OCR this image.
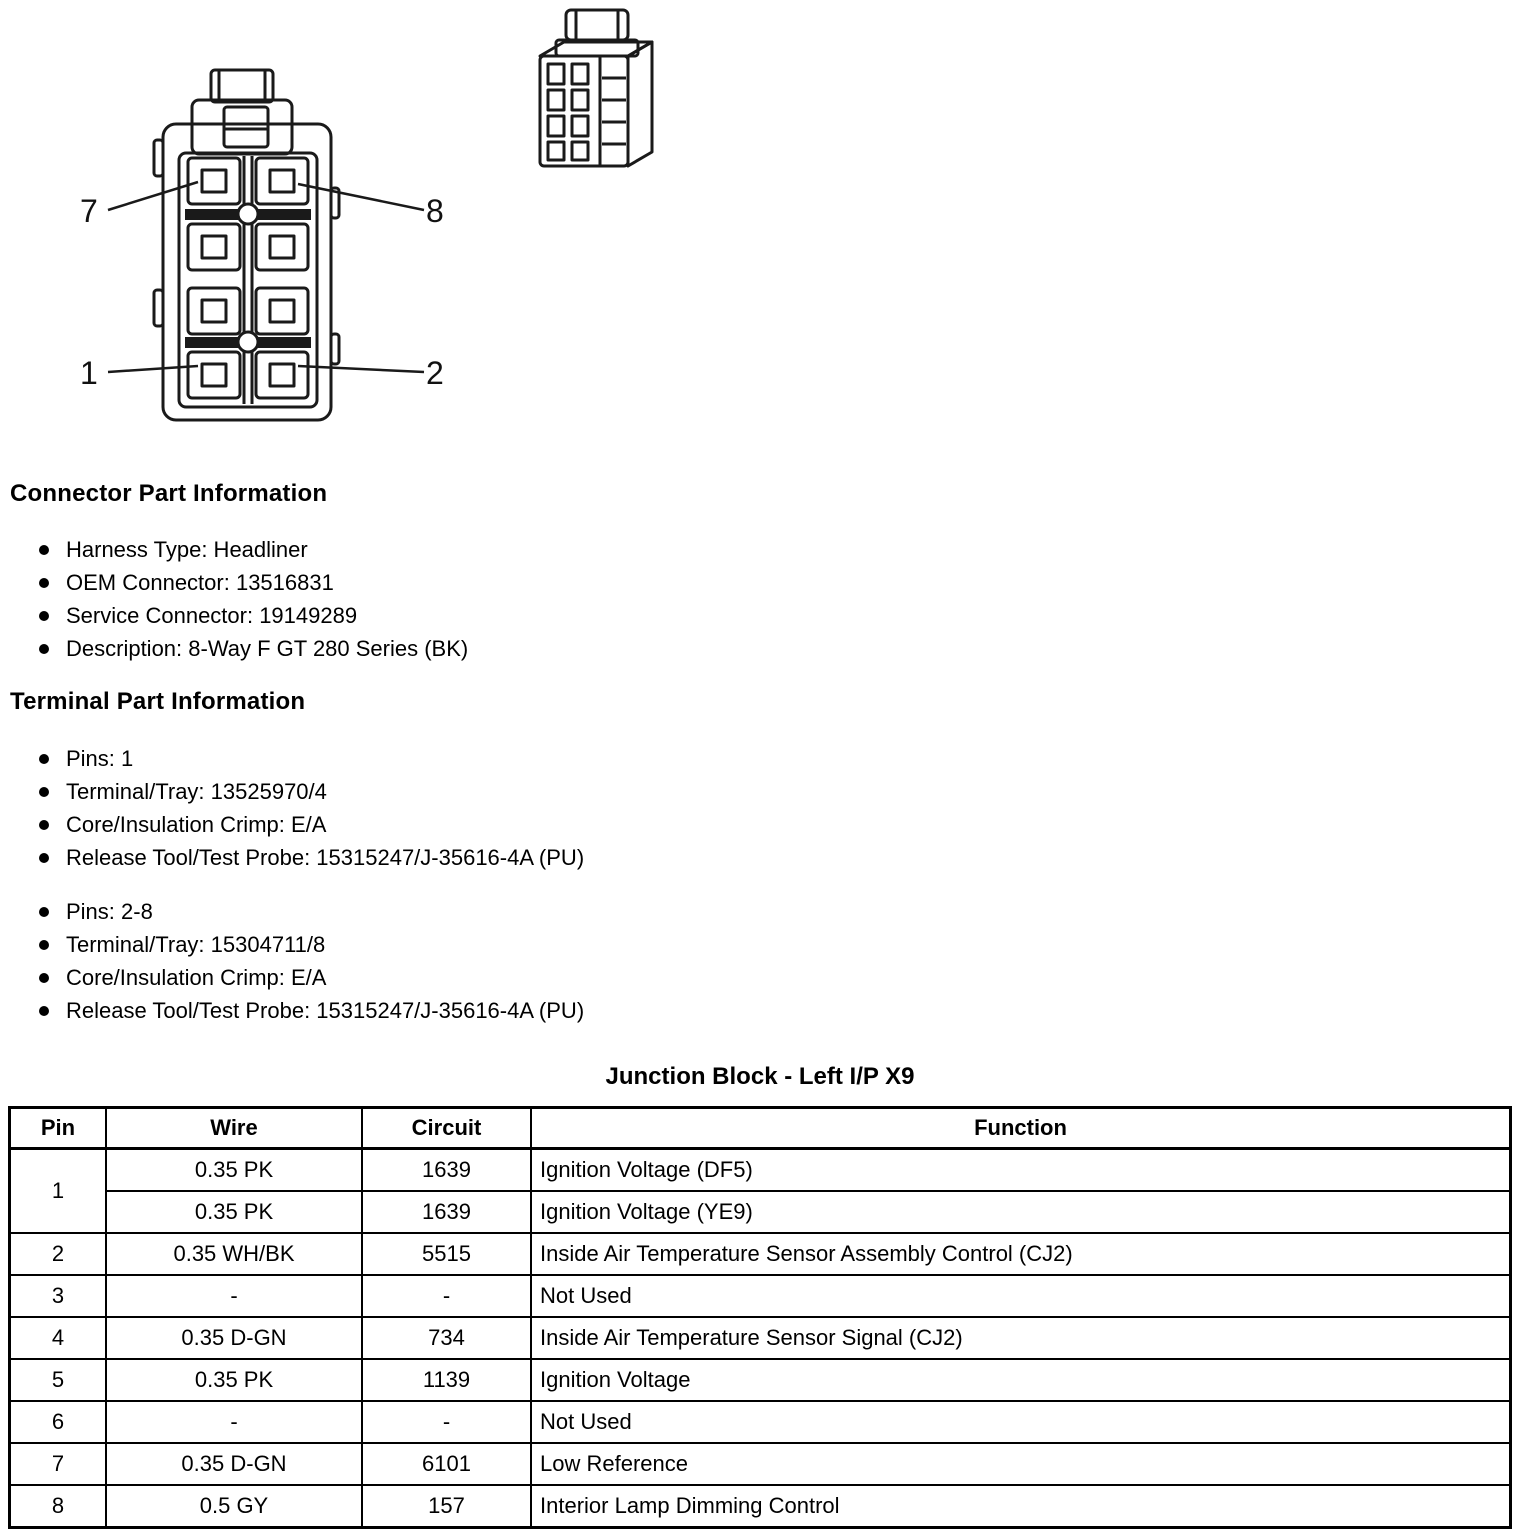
7	8
1	2
Connector Part Information
Harness Type: Headliner
OEM Connector: 13516831
Service Connector: 19149289
Description: 8-Way F GT 280 Series (BK)
Terminal Part Information
Pins: 1
Terminal/Tray: 13525970/4
Core/Insulation Crimp: E/A
Release Tool/Test Probe: 15315247/J-35616-4A (PU)
Pins: 2-8
Terminal/Tray: 15304711/8
Core/Insulation Crimp: E/A
Release Tool/Test Probe: 15315247/J-35616-4A (PU)
Junction Block - Left I/P X9
Pin	Wire	Circuit	Function
1	0.35 PK	1639	Ignition Voltage (DF5)
	0.35 PK	1639	Ignition Voltage (YE9)
2	0.35 WH/BK	5515	Inside Air Temperature Sensor Assembly Control (CJ2)
3	-	-	Not Used
4	0.35 D-GN	734	Inside Air Temperature Sensor Signal (CJ2)
5	0.35 PK	1139	Ignition Voltage
6	-	-	Not Used
7	0.35 D-GN	6101	Low Reference
8	0.5 GY	157	Interior Lamp Dimming Control
